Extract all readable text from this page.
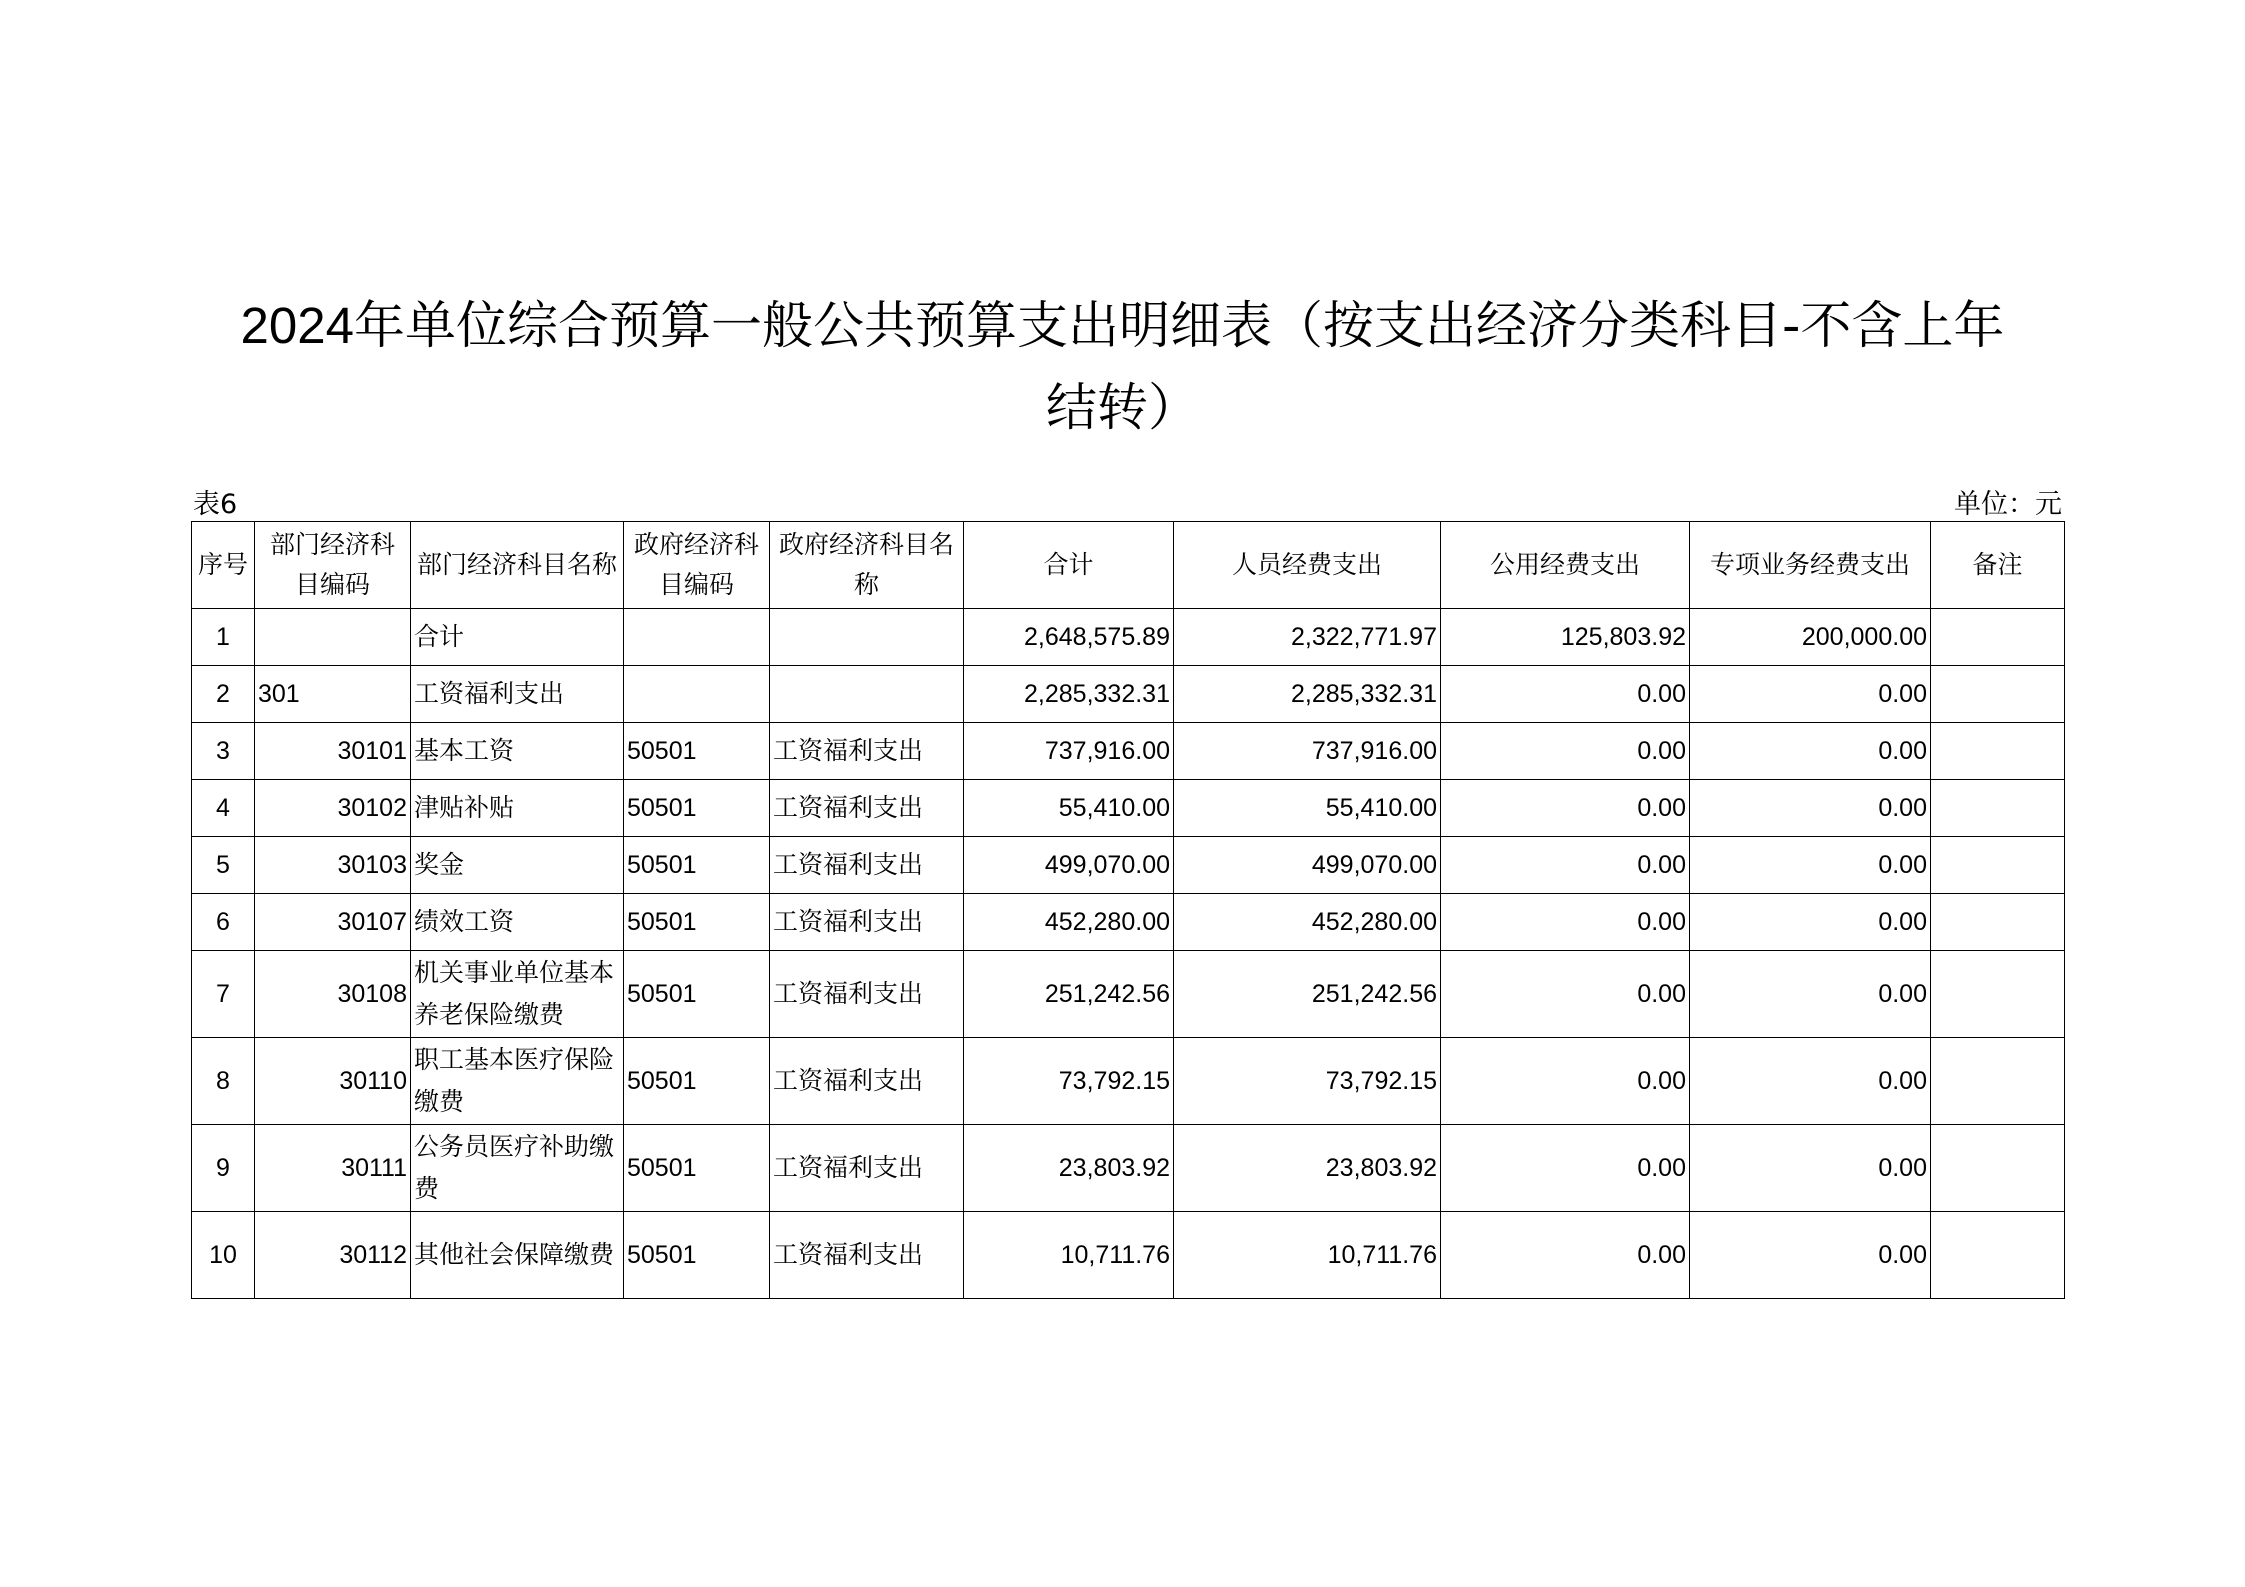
2024年单位综合预算一般公共预算支出明细表（按支出经济分类科目-不含上年
结转）
表6	单位：元
序号	部门经济科目编码	部门经济科目名称	政府经济科目编码	政府经济科目名称	合计	人员经费支出	公用经费支出	专项业务经费支出	备注
1		合计			2,648,575.89	2,322,771.97	125,803.92	200,000.00	
2	301	工资福利支出			2,285,332.31	2,285,332.31	0.00	0.00	
3	30101	基本工资	50501	工资福利支出	737,916.00	737,916.00	0.00	0.00	
4	30102	津贴补贴	50501	工资福利支出	55,410.00	55,410.00	0.00	0.00	
5	30103	奖金	50501	工资福利支出	499,070.00	499,070.00	0.00	0.00	
6	30107	绩效工资	50501	工资福利支出	452,280.00	452,280.00	0.00	0.00	
7	30108	机关事业单位基本养老保险缴费	50501	工资福利支出	251,242.56	251,242.56	0.00	0.00	
8	30110	职工基本医疗保险缴费	50501	工资福利支出	73,792.15	73,792.15	0.00	0.00	
9	30111	公务员医疗补助缴费	50501	工资福利支出	23,803.92	23,803.92	0.00	0.00	
10	30112	其他社会保障缴费	50501	工资福利支出	10,711.76	10,711.76	0.00	0.00	
